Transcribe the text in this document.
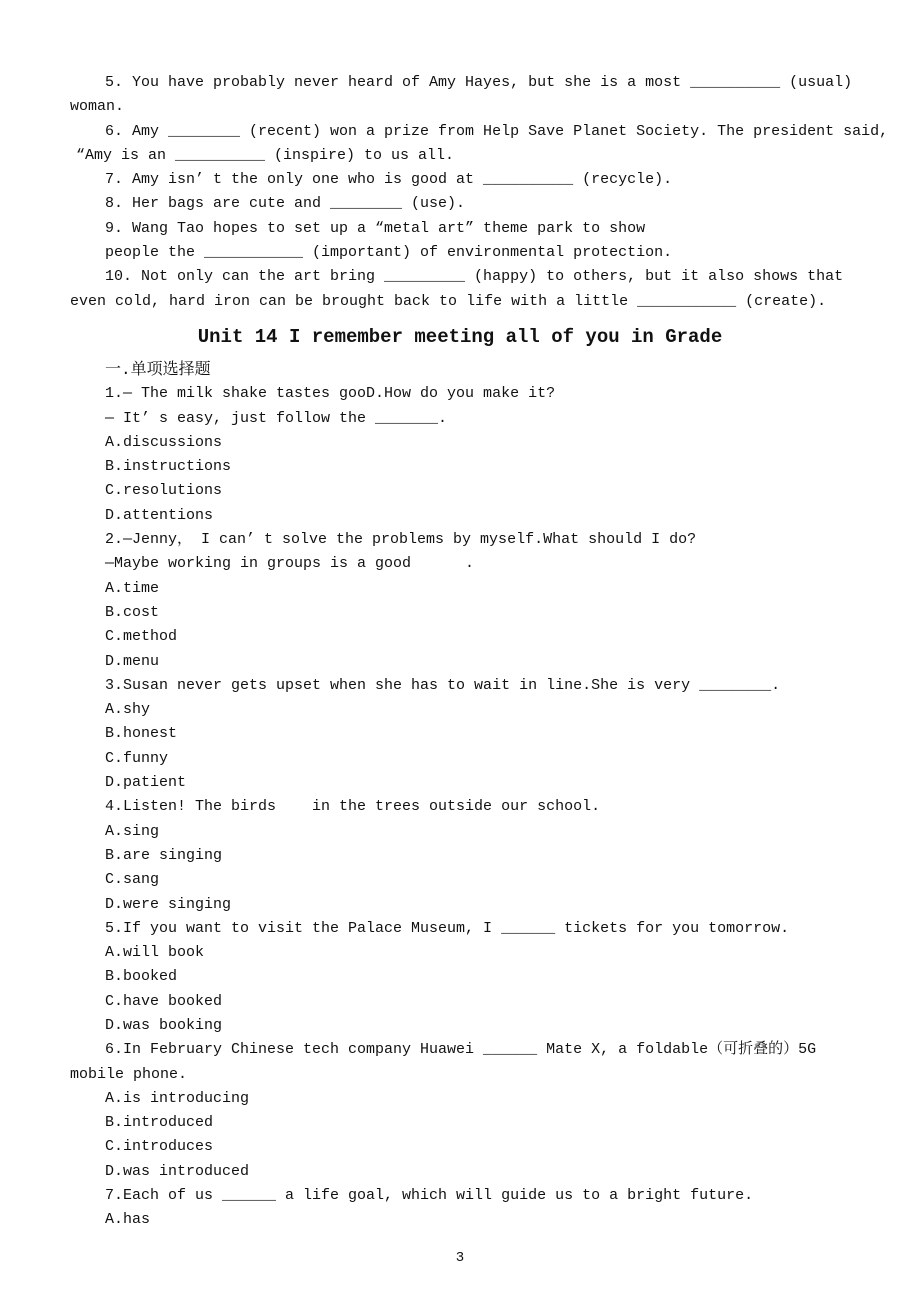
5. You have probably never heard of Amy Hayes, but she is a most __________ (usual)
woman.
6. Amy ________ (recent) won a prize from Help Save Planet Society. The president said,
“Amy is an __________ (inspire) to us all.
7. Amy isn’ t the only one who is good at __________ (recycle).
8. Her bags are cute and ________ (use).
9. Wang Tao hopes to set up a “metal art” theme park to show
people the ___________ (important) of environmental protection.
10. Not only can the art bring _________ (happy) to others, but it also shows that
even cold, hard iron can be brought back to life with a little ___________ (create).
Unit 14 I remember meeting all of you in Grade
一.单项选择题
1.— The milk shake tastes gooD.How do you make it?
— It’ s easy, just follow the _______.
A.discussions
B.instructions
C.resolutions
D.attentions
2.—Jenny， I can’ t solve the problems by myself.What should I do?
—Maybe working in groups is a good      .
A.time
B.cost
C.method
D.menu
3.Susan never gets upset when she has to wait in line.She is very ________.
A.shy
B.honest
C.funny
D.patient
4.Listen! The birds    in the trees outside our school.
A.sing
B.are singing
C.sang
D.were singing
5.If you want to visit the Palace Museum, I ______ tickets for you tomorrow.
A.will book
B.booked
C.have booked
D.was booking
6.In February Chinese tech company Huawei ______ Mate X, a foldable（可折叠的）5G
mobile phone.
A.is introducing
B.introduced
C.introduces
D.was introduced
7.Each of us ______ a life goal, which will guide us to a bright future.
A.has
3
